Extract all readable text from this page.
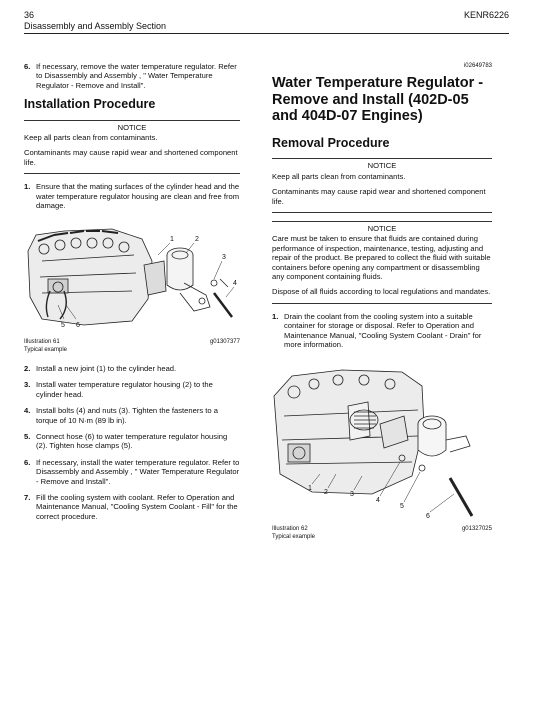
36	KENR6226
Disassembly and Assembly Section
6. If necessary, remove the water temperature regulator. Refer to Disassembly and Assembly , " Water Temperature Regulator - Remove and Install".
Installation Procedure
NOTICE
Keep all parts clean from contaminants.
Contaminants may cause rapid wear and shortened component life.
1. Ensure that the mating surfaces of the cylinder head and the water temperature regulator housing are clean and free from damage.
1	2
3
4
5 6
Illustration 61	g01307377
Typical example
2. Install a new joint (1) to the cylinder head.
3. Install water temperature regulator housing (2) to the cylinder head.
4. Install bolts (4) and nuts (3). Tighten the fasteners to a torque of 10 N·m (89 lb in).
5. Connect hose (6) to water temperature regulator housing (2). Tighten hose clamps (5).
6. If necessary, install the water temperature regulator. Refer to Disassembly and Assembly , " Water Temperature Regulator - Remove and Install".
7. Fill the cooling system with coolant. Refer to Operation and Maintenance Manual, "Cooling System Coolant - Fill" for the correct procedure.
i02649783
Water Temperature Regulator - Remove and Install (402D-05 and 404D-07 Engines)
Removal Procedure
NOTICE
Keep all parts clean from contaminants.
Contaminants may cause rapid wear and shortened component life.
NOTICE
Care must be taken to ensure that fluids are contained during performance of inspection, maintenance, testing, adjusting and repair of the product. Be prepared to collect the fluid with suitable containers before opening any compartment or disassembling any component containing fluids.
Dispose of all fluids according to local regulations and mandates.
1. Drain the coolant from the cooling system into a suitable container for storage or disposal. Refer to Operation and Maintenance Manual, "Cooling System Coolant - Drain" for more information.
1
2	3
4
5
6
Illustration 62	g01327025
Typical example
